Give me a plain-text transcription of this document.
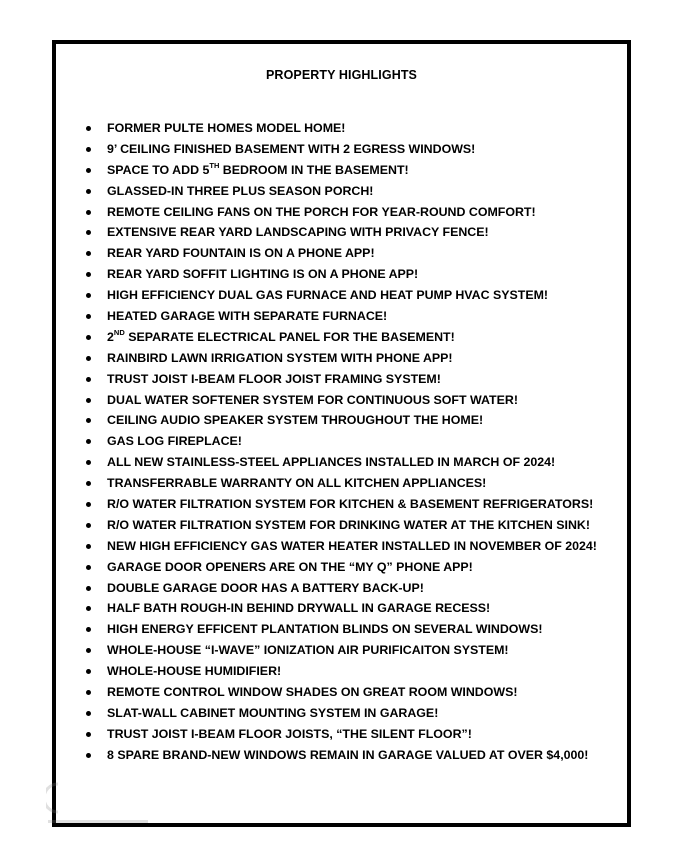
PROPERTY HIGHLIGHTS
FORMER PULTE HOMES MODEL HOME!
9’ CEILING FINISHED BASEMENT WITH 2 EGRESS WINDOWS!
SPACE TO ADD 5TH BEDROOM IN THE BASEMENT!
GLASSED-IN THREE PLUS SEASON PORCH!
REMOTE CEILING FANS ON THE PORCH FOR YEAR-ROUND COMFORT!
EXTENSIVE REAR YARD LANDSCAPING WITH PRIVACY FENCE!
REAR YARD FOUNTAIN IS ON A PHONE APP!
REAR YARD SOFFIT LIGHTING IS ON A PHONE APP!
HIGH EFFICIENCY DUAL GAS FURNACE AND HEAT PUMP HVAC SYSTEM!
HEATED GARAGE WITH SEPARATE FURNACE!
2ND SEPARATE ELECTRICAL PANEL FOR THE BASEMENT!
RAINBIRD LAWN IRRIGATION SYSTEM WITH PHONE APP!
TRUST JOIST I-BEAM FLOOR JOIST FRAMING SYSTEM!
DUAL WATER SOFTENER SYSTEM FOR CONTINUOUS SOFT WATER!
CEILING AUDIO SPEAKER SYSTEM THROUGHOUT THE HOME!
GAS LOG FIREPLACE!
ALL NEW STAINLESS-STEEL APPLIANCES INSTALLED IN MARCH OF 2024!
TRANSFERRABLE WARRANTY ON ALL KITCHEN APPLIANCES!
R/O WATER FILTRATION SYSTEM FOR KITCHEN & BASEMENT REFRIGERATORS!
R/O WATER FILTRATION SYSTEM FOR DRINKING WATER AT THE KITCHEN SINK!
NEW HIGH EFFICIENCY GAS WATER HEATER INSTALLED IN NOVEMBER OF 2024!
GARAGE DOOR OPENERS ARE ON THE “MY Q” PHONE APP!
DOUBLE GARAGE DOOR HAS A BATTERY BACK-UP!
HALF BATH ROUGH-IN BEHIND DRYWALL IN GARAGE RECESS!
HIGH ENERGY EFFICENT PLANTATION BLINDS ON SEVERAL WINDOWS!
WHOLE-HOUSE “I-WAVE” IONIZATION AIR PURIFICAITON SYSTEM!
WHOLE-HOUSE HUMIDIFIER!
REMOTE CONTROL WINDOW SHADES ON GREAT ROOM WINDOWS!
SLAT-WALL CABINET MOUNTING SYSTEM IN GARAGE!
TRUST JOIST I-BEAM FLOOR JOISTS, “THE SILENT FLOOR”!
8 SPARE BRAND-NEW WINDOWS REMAIN IN GARAGE VALUED AT OVER $4,000!
